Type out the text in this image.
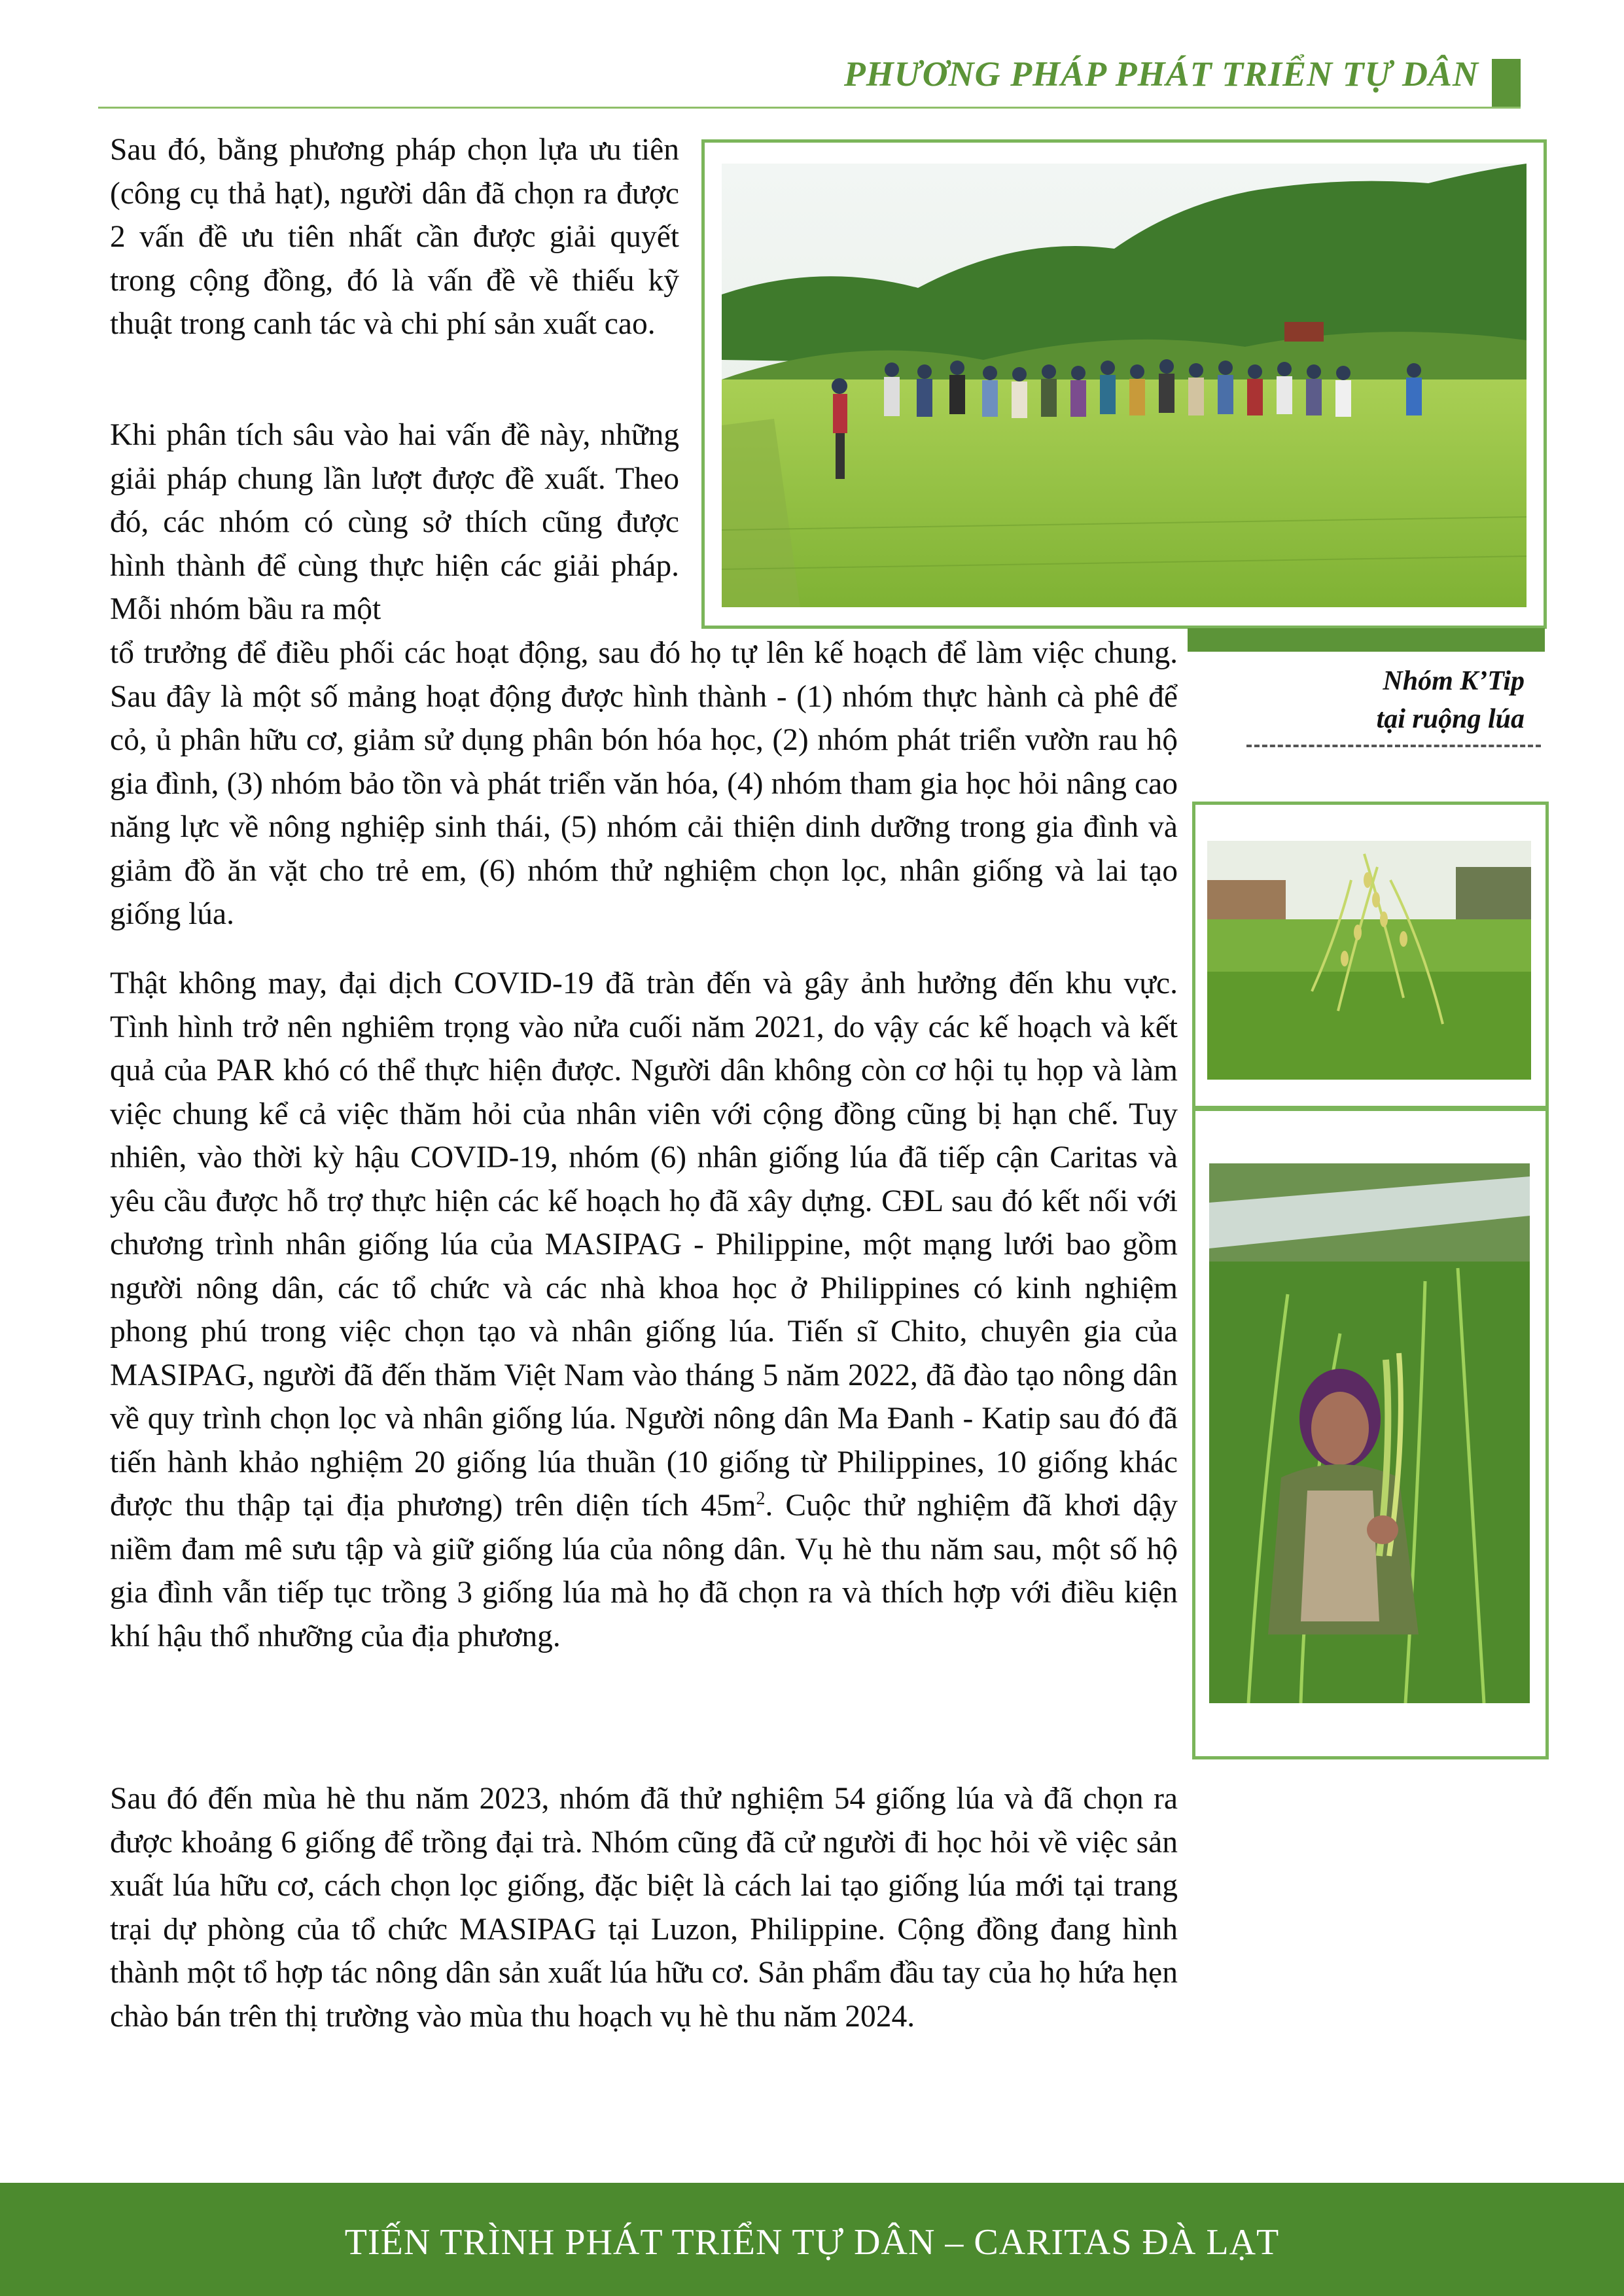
PHƯƠNG PHÁP PHÁT TRIỂN TỰ DÂN

Sau đó, bằng phương pháp chọn lựa ưu tiên (công cụ thả hạt), người dân đã chọn ra được 2 vấn đề ưu tiên nhất cần được giải quyết trong cộng đồng, đó là vấn đề về thiếu kỹ thuật trong canh tác và chi phí sản xuất cao.

Khi phân tích sâu vào hai vấn đề này, những giải pháp chung lần lượt được đề xuất. Theo đó, các nhóm có cùng sở thích cũng được hình thành để cùng thực hiện các giải pháp. Mỗi nhóm bầu ra một

tổ trưởng để điều phối các hoạt động, sau đó họ tự lên kế hoạch để làm việc chung. Sau đây là một số mảng hoạt động được hình thành - (1) nhóm thực hành cà phê để cỏ, ủ phân hữu cơ, giảm sử dụng phân bón hóa học, (2) nhóm phát triển vườn rau hộ gia đình, (3) nhóm bảo tồn và phát triển văn hóa, (4) nhóm tham gia học hỏi nâng cao năng lực về nông nghiệp sinh thái, (5) nhóm cải thiện dinh dưỡng trong gia đình và giảm đồ ăn vặt cho trẻ em, (6) nhóm thử nghiệm chọn lọc, nhân giống và lai tạo giống lúa.

Thật không may, đại dịch COVID-19 đã tràn đến và gây ảnh hưởng đến khu vực. Tình hình trở nên nghiêm trọng vào nửa cuối năm 2021, do vậy các kế hoạch và kết quả của PAR khó có thể thực hiện được. Người dân không còn cơ hội tụ họp và làm việc chung kể cả việc thăm hỏi của nhân viên với cộng đồng cũng bị hạn chế. Tuy nhiên, vào thời kỳ hậu COVID-19, nhóm (6) nhân giống lúa đã tiếp cận Caritas và yêu cầu được hỗ trợ thực hiện các kế hoạch họ đã xây dựng. CĐL sau đó kết nối với chương trình nhân giống lúa của MASIPAG - Philippine, một mạng lưới bao gồm người nông dân, các tổ chức và các nhà khoa học ở Philippines có kinh nghiệm phong phú trong việc chọn tạo và nhân giống lúa. Tiến sĩ Chito, chuyên gia của MASIPAG, người đã đến thăm Việt Nam vào tháng 5 năm 2022, đã đào tạo nông dân về quy trình chọn lọc và nhân giống lúa. Người nông dân Ma Đanh - Katip sau đó đã tiến hành khảo nghiệm 20 giống lúa thuần (10 giống từ Philippines, 10 giống khác được thu thập tại địa phương) trên diện tích $45m^2$. Cuộc thử nghiệm đã khơi dậy niềm đam mê sưu tập và giữ giống lúa của nông dân. Vụ hè thu năm sau, một số hộ gia đình vẫn tiếp tục trồng 3 giống lúa mà họ đã chọn ra và thích hợp với điều kiện khí hậu thổ nhưỡng của địa phương.

Sau đó đến mùa hè thu năm 2023, nhóm đã thử nghiệm 54 giống lúa và đã chọn ra được khoảng 6 giống để trồng đại trà. Nhóm cũng đã cử người đi học hỏi về việc sản xuất lúa hữu cơ, cách chọn lọc giống, đặc biệt là cách lai tạo giống lúa mới tại trang trại dự phòng của tổ chức MASIPAG tại Luzon, Philippine. Cộng đồng đang hình thành một tổ hợp tác nông dân sản xuất lúa hữu cơ. Sản phẩm đầu tay của họ hứa hẹn chào bán trên thị trường vào mùa thu hoạch vụ hè thu năm 2024.

Nhóm K’Tip
tại ruộng lúa
TIẾN TRÌNH PHÁT TRIỂN TỰ DÂN – CARITAS ĐÀ LẠT
